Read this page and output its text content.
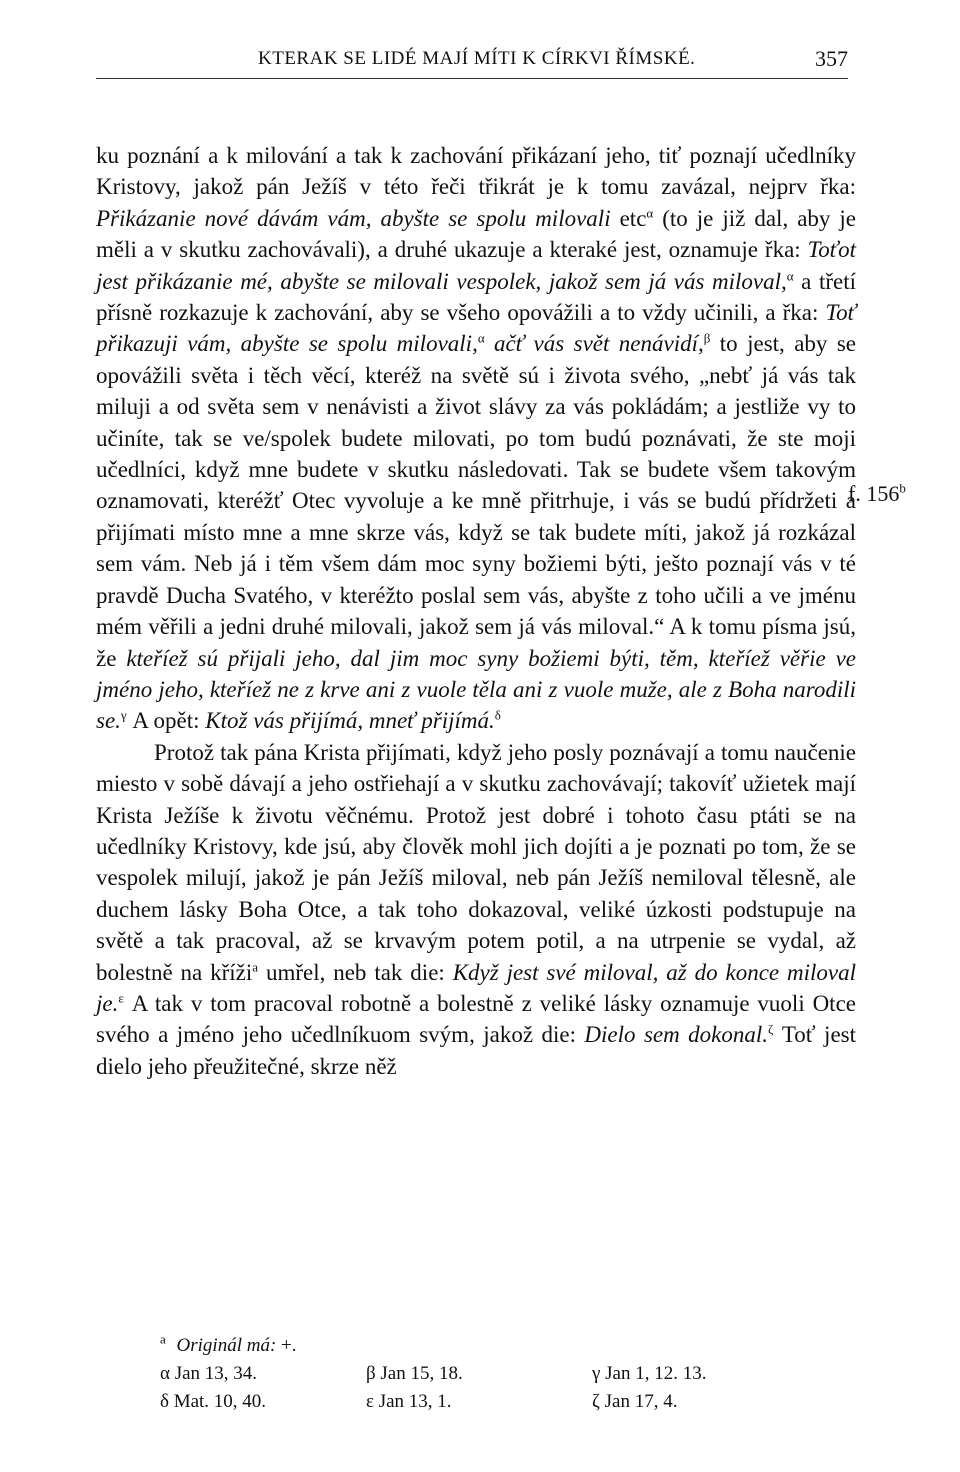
KTERAK SE LIDÉ MAJÍ MÍTI K CÍRKVI ŘÍMSKÉ.	357

ku poznání a k milování a tak k zachování přikázaní jeho, tiť poznají učedlníky Kristovy, jakož pán Ježíš v této řeči třikrát je k tomu zavázal, nejprv řka: Přikázanie nové dávám vám, abyšte se spolu milovali etc$^\alpha$ (to je již dal, aby je měli a v skutku zachovávali), a druhé ukazuje a kteraké jest, oznamuje řka: Toťot jest přikázanie mé, abyšte se milovali vespolek, jakož sem já vás miloval,$^\alpha$ a třetí přísně rozkazuje k zachování, aby se všeho opovážili a to vždy učinili, a řka: Toť přikazuji vám, abyšte se spolu milovali,$^\alpha$ ačť vás svět nenávidí,$^\beta$ to jest, aby se opovážili světa i těch věcí, kteréž na světě sú i života svého, „nebť já vás tak miluji a od světa sem v nenávisti a život slávy za vás pokládám; a jestliže vy to učiníte, tak se ve/spolek budete milovati, po tom budú poznávati, že ste moji učedlníci, když mne budete v skutku následovati. Tak se budete všem takovým oznamovati, kteréžť Otec vyvoluje a ke mně přitrhuje, i vás se budú přídržeti a přijímati místo mne a mne skrze vás, když se tak budete míti, jakož já rozkázal sem vám. Neb já i těm všem dám moc syny božiemi býti, ješto poznají vás v té pravdě Ducha Svatého, v kteréžto poslal sem vás, abyšte z toho učili a ve jménu mém věřili a jedni druhé milovali, jakož sem já vás miloval.“ A k tomu písma jsú, že kteříež sú přijali jeho, dal jim moc syny božiemi býti, těm, kteříež věřie ve jméno jeho, kteříež ne z krve ani z vuole těla ani z vuole muže, ale z Boha narodili se.$^\gamma$ A opět: Ktož vás přijímá, mneť přijímá.$^\delta$

Protož tak pána Krista přijímati, když jeho posly poznávají a tomu naučenie miesto v sobě dávají a jeho ostřiehají a v skutku zachovávají; takovíť užietek mají Krista Ježíše k životu věčnému. Protož jest dobré i tohoto času ptáti se na učedlníky Kristovy, kde jsú, aby člověk mohl jich dojíti a je poznati po tom, že se vespolek milují, jakož je pán Ježíš miloval, neb pán Ježíš nemiloval tělesně, ale duchem lásky Boha Otce, a tak toho dokazoval, veliké úzkosti podstupuje na světě a tak pracoval, až se krvavým potem potil, a na utrpenie se vydal, až bolestně na kříži$^a$ umřel, neb tak die: Když jest své miloval, až do konce miloval je.$^\varepsilon$ A tak v tom pracoval robotně a bolestně z veliké lásky oznamuje vuoli Otce svého a jméno jeho učedlníkuom svým, jakož die: Dielo sem dokonal.$^\zeta$ Toť jest dielo jeho přeužitečné, skrze něž

f. 156$^b$
$^a$ Originál má: +.
α Jan 13, 34.	β Jan 15, 18.	γ Jan 1, 12. 13.
δ Mat. 10, 40.	ε Jan 13, 1.	ζ Jan 17, 4.
